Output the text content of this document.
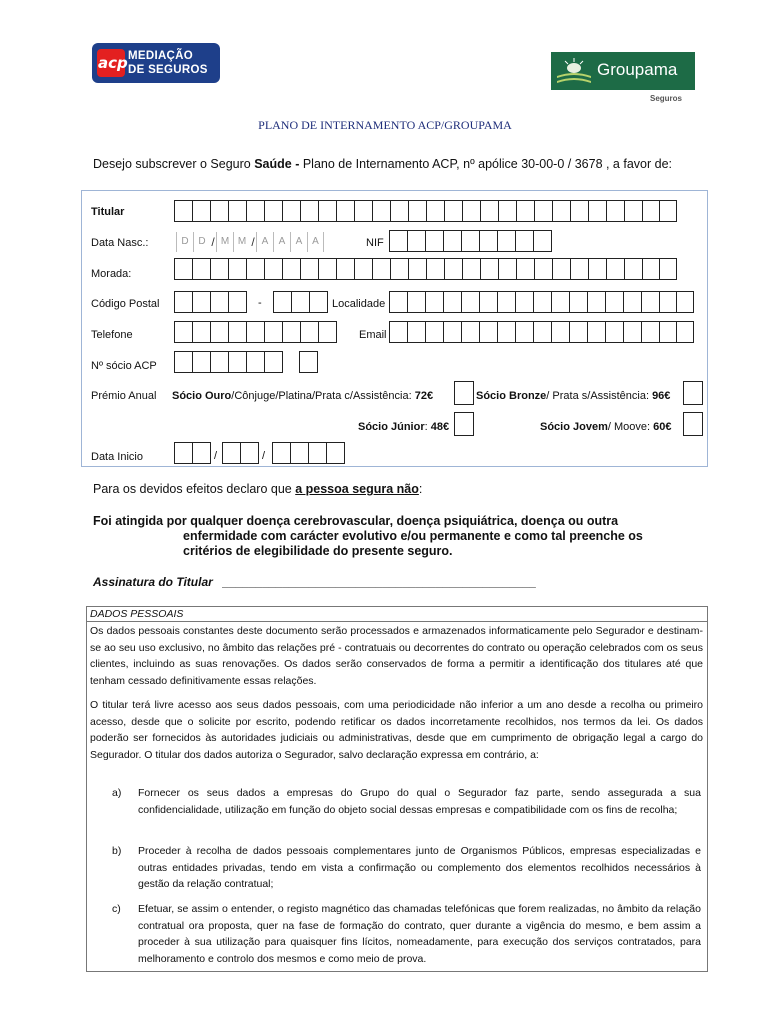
acp MEDIAÇÃO
DE SEGUROS	Groupama
Seguros
PLANO DE INTERNAMENTO ACP/GROUPAMA
Desejo subscrever o Seguro Saúde - Plano de Internamento ACP, nº apólice 30-00-0 / 3678 , a favor de:
Titular
Data Nasc.:	D D / M M / A	A	A A	NIF
Morada:
Código Postal	-	Localidade
Telefone	Email
Nº sócio ACP
Prémio Anual Sócio Ouro/Cônjuge/Platina/Prata c/Assistência: 72€	Sócio Bronze/ Prata s/Assistência: 96€
Sócio Júnior: 48€	Sócio Jovem/ Moove: 60€
Data Inicio	/	/
Para os devidos efeitos declaro que a pessoa segura não:
Foi atingida por qualquer doença cerebrovascular, doença psiquiátrica, doença ou outra
enfermidade com carácter evolutivo e/ou permanente e como tal preenche os
critérios de elegibilidade do presente seguro.
Assinatura do Titular _______________________________________________
DADOS PESSOAIS
Os dados pessoais constantes deste documento serão processados e armazenados informaticamente pelo Segurador e destinam-se ao seu uso exclusivo, no âmbito das relações pré - contratuais ou decorrentes do contrato ou operação celebrados com os seus clientes, incluindo as suas renovações. Os dados serão conservados de forma a permitir a identificação dos titulares até que tenham cessado definitivamente essas relações.
O titular terá livre acesso aos seus dados pessoais, com uma periodicidade não inferior a um ano desde a recolha ou primeiro acesso, desde que o solicite por escrito, podendo retificar os dados incorretamente recolhidos, nos termos da lei. Os dados poderão ser fornecidos às autoridades judiciais ou administrativas, desde que em cumprimento de obrigação legal a cargo do Segurador. O titular dos dados autoriza o Segurador, salvo declaração expressa em contrário, a:
a) Fornecer os seus dados a empresas do Grupo do qual o Segurador faz parte, sendo assegurada a sua confidencialidade, utilização em função do objeto social dessas empresas e compatibilidade com os fins de recolha;
b) Proceder à recolha de dados pessoais complementares junto de Organismos Públicos, empresas especializadas e outras entidades privadas, tendo em vista a confirmação ou complemento dos elementos recolhidos necessários à gestão da relação contratual;
c) Efetuar, se assim o entender, o registo magnético das chamadas telefónicas que forem realizadas, no âmbito da relação contratual ora proposta, quer na fase de formação do contrato, quer durante a vigência do mesmo, e bem assim a proceder à sua utilização para quaisquer fins lícitos, nomeadamente, para execução dos serviços contratados, para melhoramento e controlo dos mesmos e como meio de prova.
